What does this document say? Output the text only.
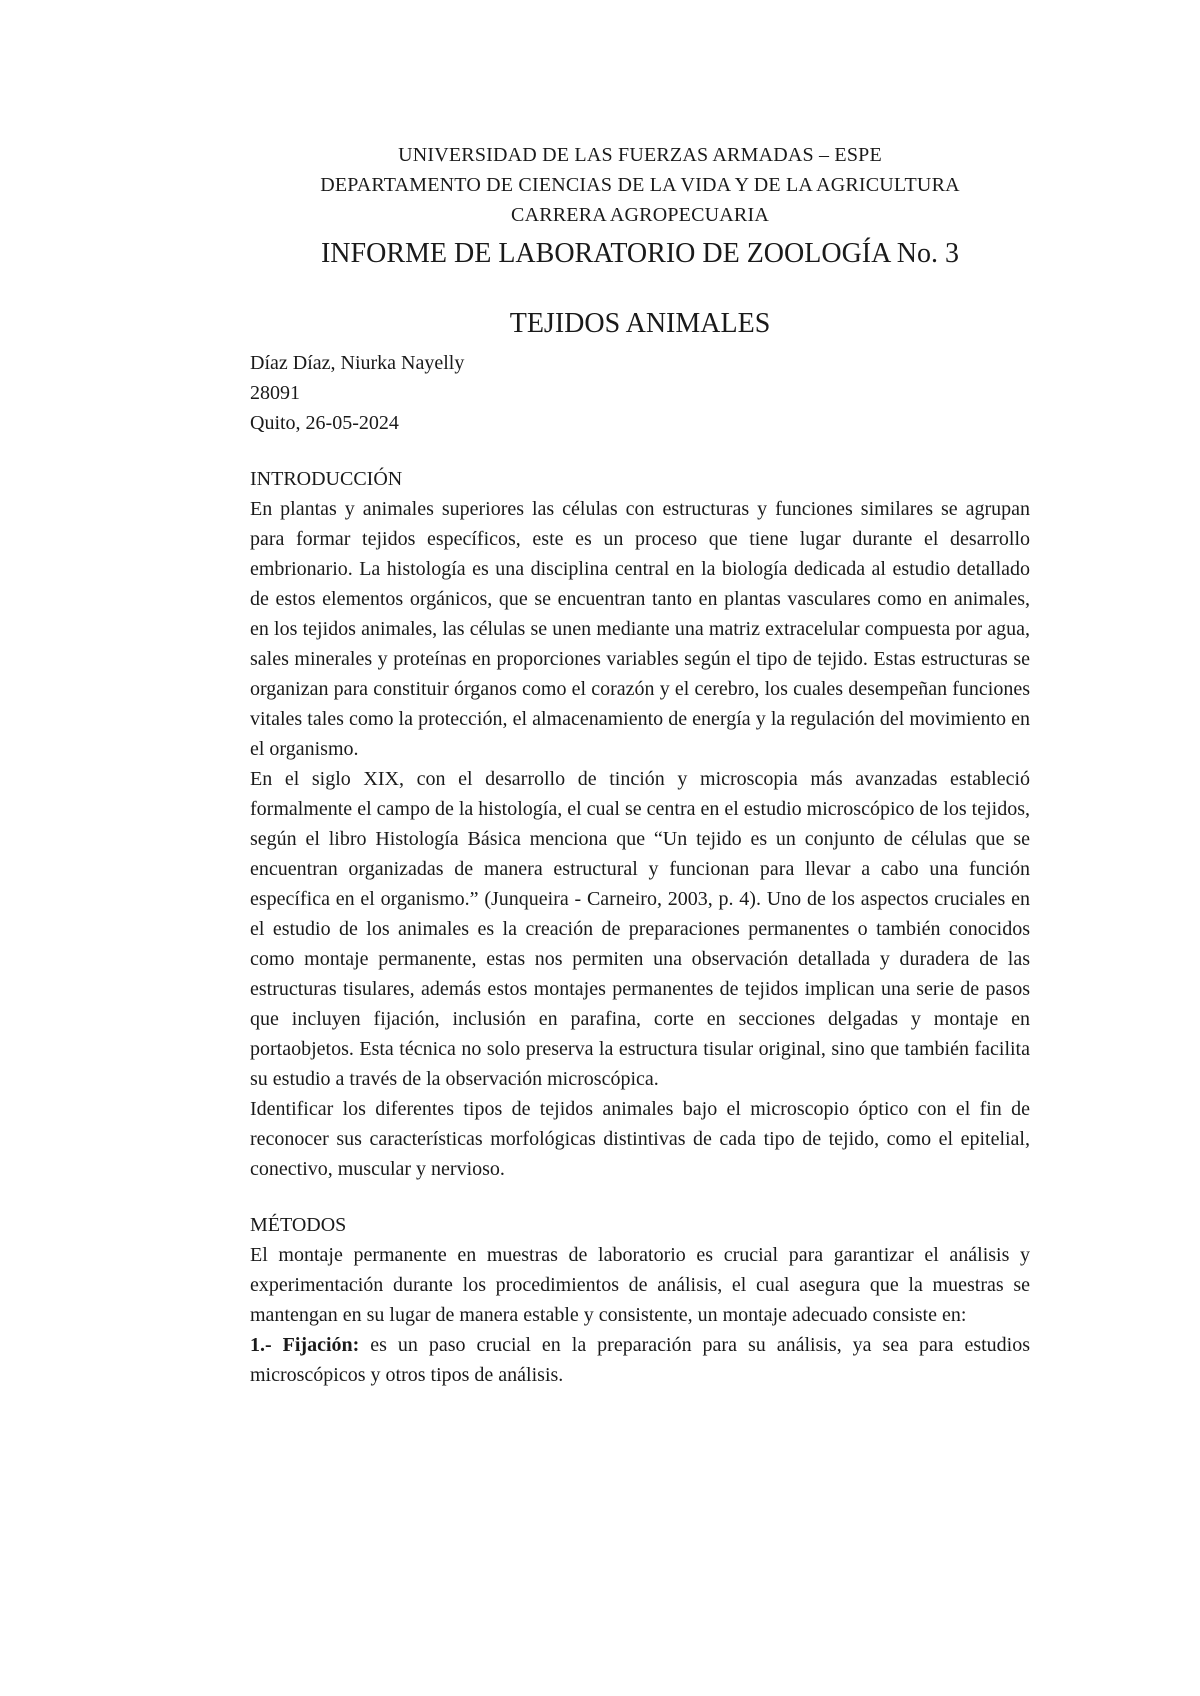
UNIVERSIDAD DE LAS FUERZAS ARMADAS – ESPE
DEPARTAMENTO DE CIENCIAS DE LA VIDA Y DE LA AGRICULTURA
CARRERA AGROPECUARIA
INFORME DE LABORATORIO DE ZOOLOGÍA No. 3
TEJIDOS ANIMALES
Díaz Díaz, Niurka Nayelly
28091
Quito, 26-05-2024
INTRODUCCIÓN

En plantas y animales superiores las células con estructuras y funciones similares se agrupan para formar tejidos específicos, este es un proceso que tiene lugar durante el desarrollo embrionario. La histología es una disciplina central en la biología dedicada al estudio detallado de estos elementos orgánicos, que se encuentran tanto en plantas vasculares como en animales, en los tejidos animales, las células se unen mediante una matriz extracelular compuesta por agua, sales minerales y proteínas en proporciones variables según el tipo de tejido. Estas estructuras se organizan para constituir órganos como el corazón y el cerebro, los cuales desempeñan funciones vitales tales como la protección, el almacenamiento de energía y la regulación del movimiento en el organismo.

En el siglo XIX, con el desarrollo de tinción y microscopia más avanzadas estableció formalmente el campo de la histología, el cual se centra en el estudio microscópico de los tejidos, según el libro Histología Básica menciona que “Un tejido es un conjunto de células que se encuentran organizadas de manera estructural y funcionan para llevar a cabo una función específica en el organismo.” (Junqueira - Carneiro, 2003, p. 4). Uno de los aspectos cruciales en el estudio de los animales es la creación de preparaciones permanentes o también conocidos como montaje permanente, estas nos permiten una observación detallada y duradera de las estructuras tisulares, además estos montajes permanentes de tejidos implican una serie de pasos que incluyen fijación, inclusión en parafina, corte en secciones delgadas y montaje en portaobjetos. Esta técnica no solo preserva la estructura tisular original, sino que también facilita su estudio a través de la observación microscópica.

Identificar los diferentes tipos de tejidos animales bajo el microscopio óptico con el fin de reconocer sus características morfológicas distintivas de cada tipo de tejido, como el epitelial, conectivo, muscular y nervioso.

MÉTODOS

El montaje permanente en muestras de laboratorio es crucial para garantizar el análisis y experimentación durante los procedimientos de análisis, el cual asegura que la muestras se mantengan en su lugar de manera estable y consistente, un montaje adecuado consiste en:

1.- Fijación: es un paso crucial en la preparación para su análisis, ya sea para estudios microscópicos y otros tipos de análisis.
